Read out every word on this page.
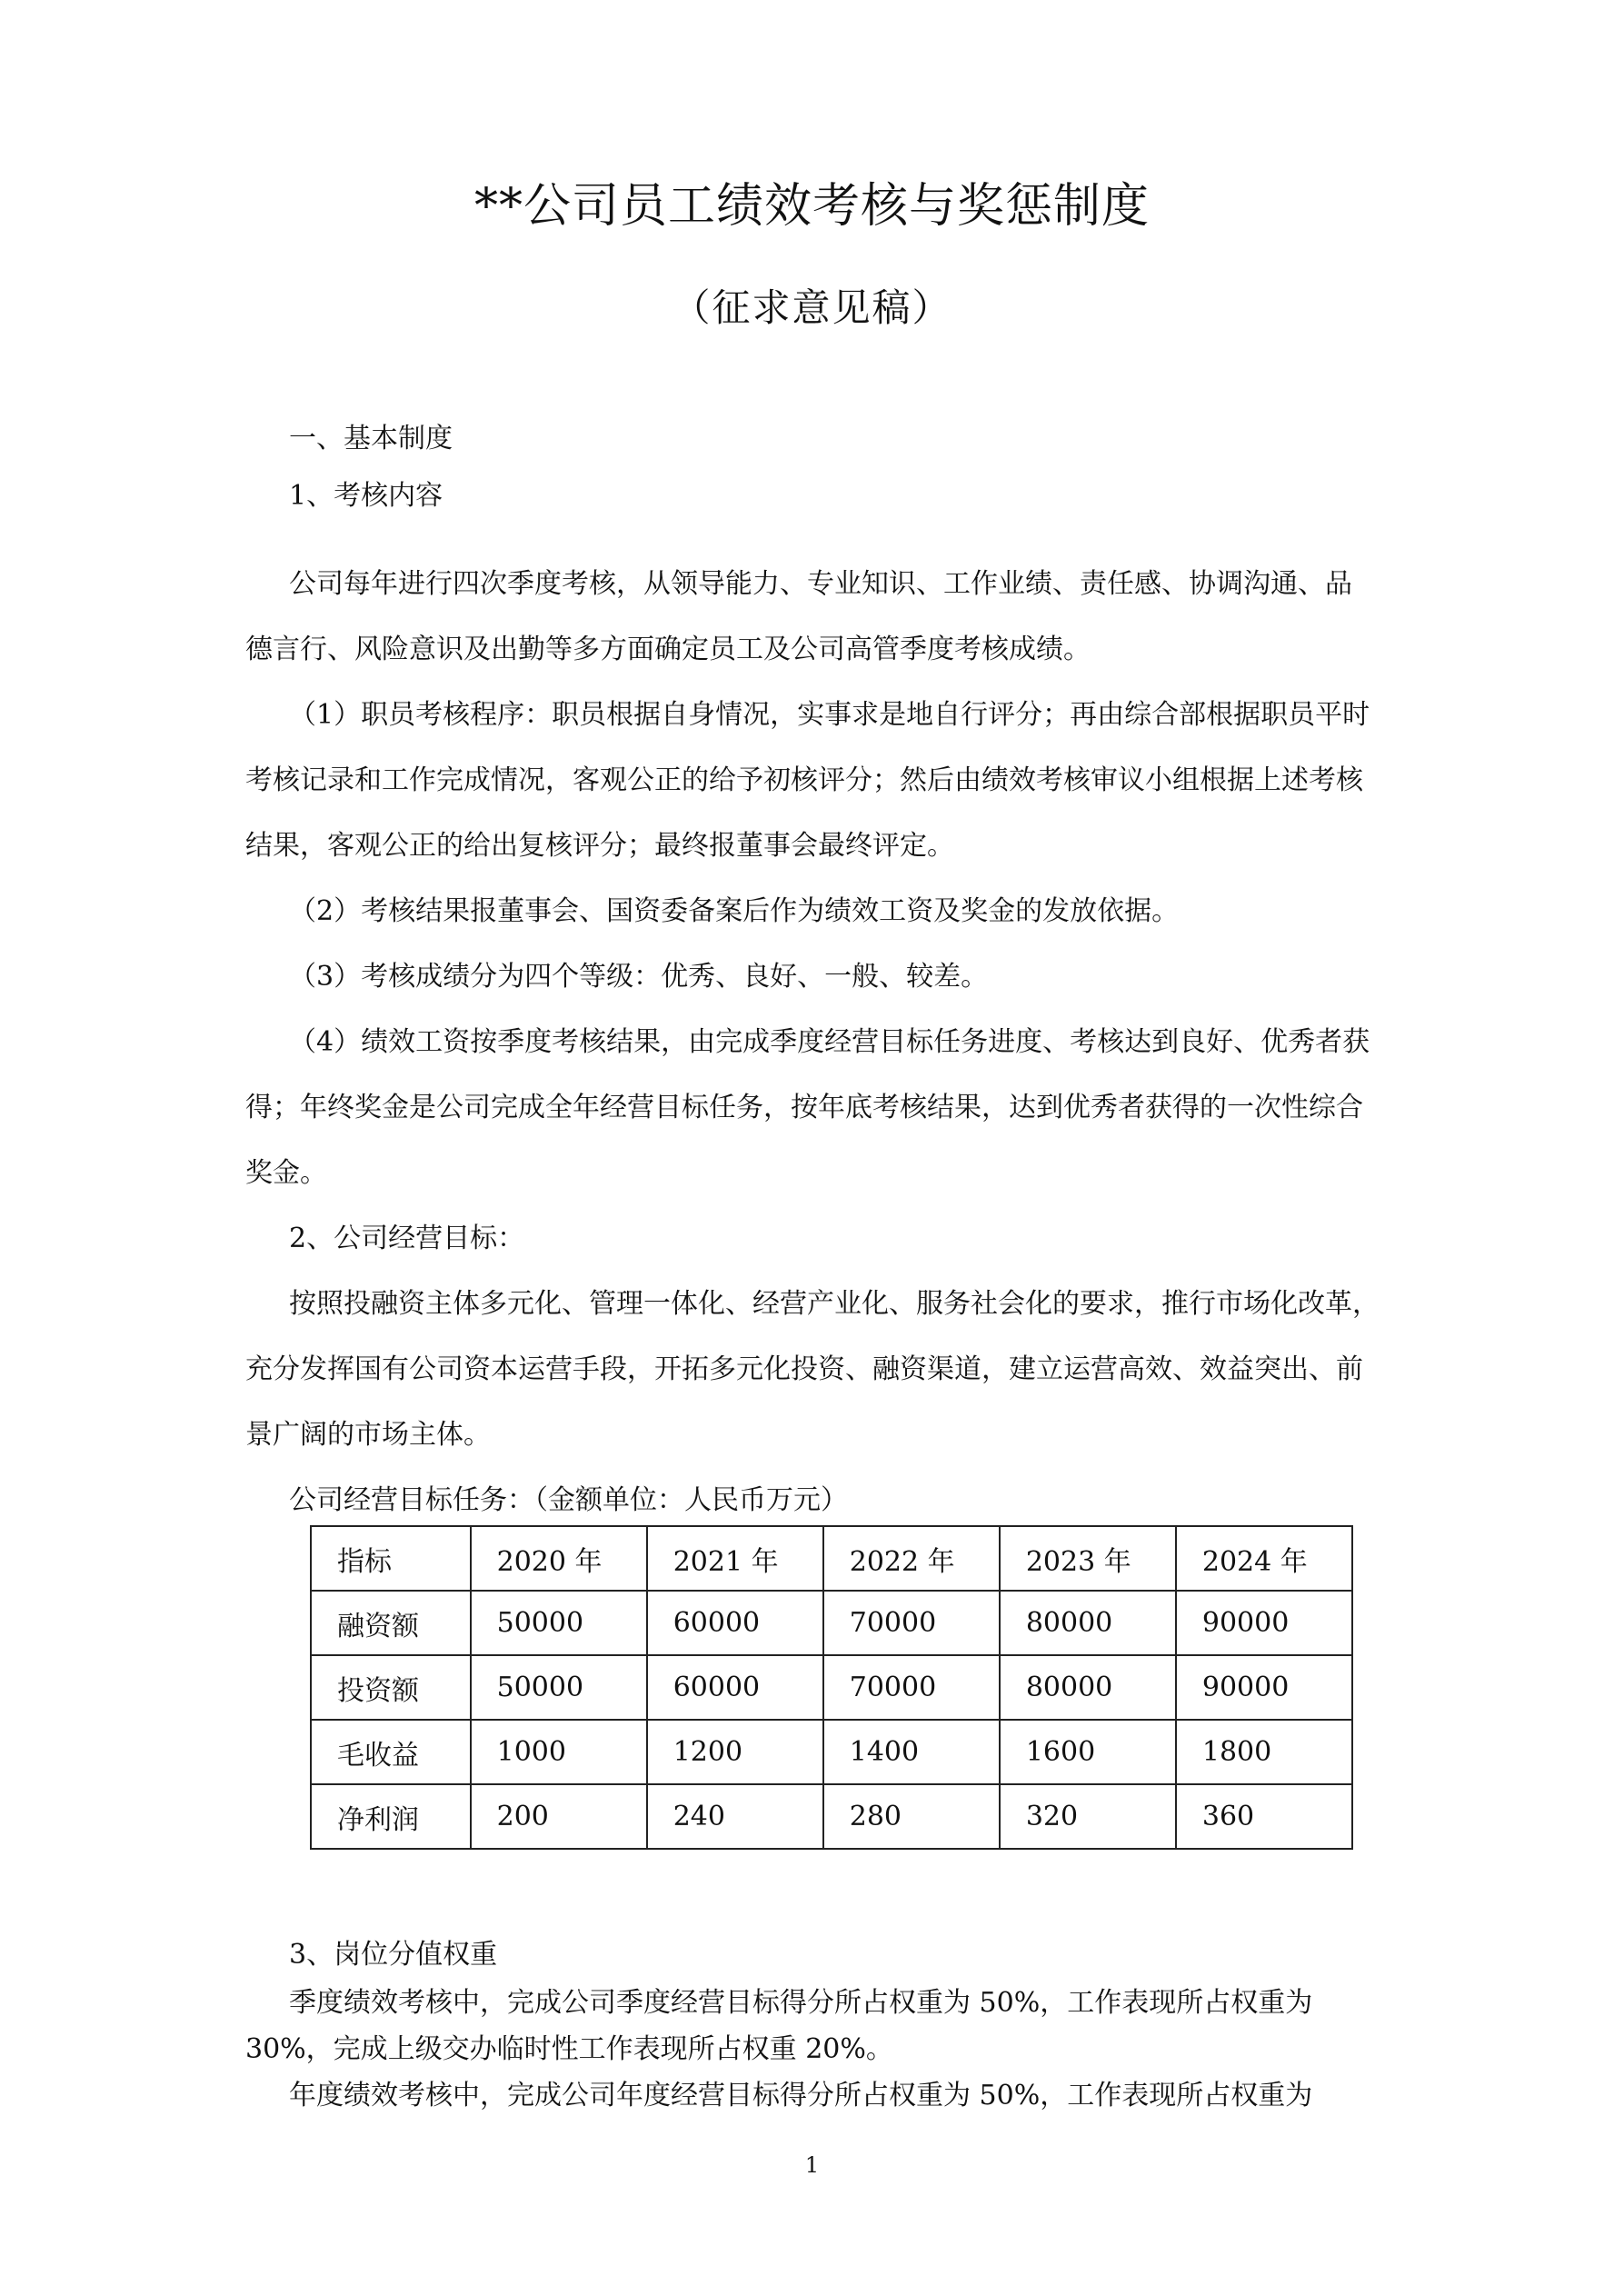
**公司员工绩效考核与奖惩制度
（征求意见稿）
一、基本制度
1、考核内容
公司每年进行四次季度考核，从领导能力、专业知识、工作业绩、责任感、协调沟通、品
德言行、风险意识及出勤等多方面确定员工及公司高管季度考核成绩。
（1）职员考核程序：职员根据自身情况，实事求是地自行评分；再由综合部根据职员平时
考核记录和工作完成情况，客观公正的给予初核评分；然后由绩效考核审议小组根据上述考核
结果，客观公正的给出复核评分；最终报董事会最终评定。
（2）考核结果报董事会、国资委备案后作为绩效工资及奖金的发放依据。
（3）考核成绩分为四个等级：优秀、良好、一般、较差。
（4）绩效工资按季度考核结果，由完成季度经营目标任务进度、考核达到良好、优秀者获
得；年终奖金是公司完成全年经营目标任务，按年底考核结果，达到优秀者获得的一次性综合
奖金。
2、公司经营目标：
按照投融资主体多元化、管理一体化、经营产业化、服务社会化的要求，推行市场化改革，
充分发挥国有公司资本运营手段，开拓多元化投资、融资渠道，建立运营高效、效益突出、前
景广阔的市场主体。
公司经营目标任务：（金额单位：人民币万元）
指标	2020 年	2021 年	2022 年	2023 年	2024 年
融资额	50000	60000	70000	80000	90000
投资额	50000	60000	70000	80000	90000
毛收益	1000	1200	1400	1600	1800
净利润	200	240	280	320	360
3、岗位分值权重
季度绩效考核中，完成公司季度经营目标得分所占权重为 50%，工作表现所占权重为
30%，完成上级交办临时性工作表现所占权重 20%。
年度绩效考核中，完成公司年度经营目标得分所占权重为 50%，工作表现所占权重为
1
